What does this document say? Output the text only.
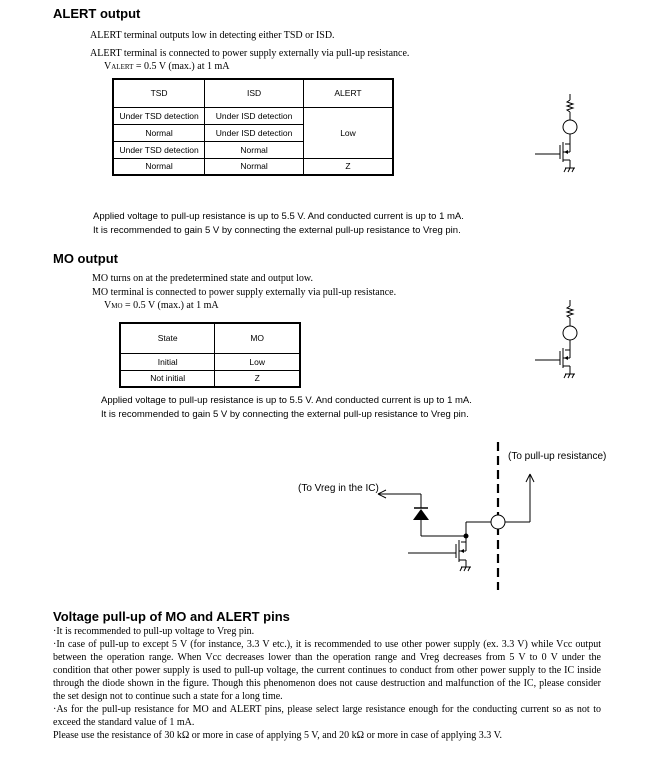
ALERT output
ALERT terminal outputs low in detecting either TSD or ISD.
ALERT terminal is connected to power supply externally via pull-up resistance.
VALERT = 0.5 V (max.) at 1 mA
TSD	ISD	ALERT
Under TSD detection	Under ISD detection	Low
Normal	Under ISD detection	
Under TSD detection	Normal	
Normal	Normal	Z
Applied voltage to pull-up resistance is up to 5.5 V. And conducted current is up to 1 mA.
It is recommended to gain 5 V by connecting the external pull-up resistance to Vreg pin.
MO output
MO turns on at the predetermined state and output low.
MO terminal is connected to power supply externally via pull-up resistance.
VMO = 0.5 V (max.) at 1 mA
State	MO
Initial	Low
Not initial	Z
Applied voltage to pull-up resistance is up to 5.5 V. And conducted current is up to 1 mA.
It is recommended to gain 5 V by connecting the external pull-up resistance to Vreg pin.
(To pull-up resistance)
(To Vreg in the IC)
Voltage pull-up of MO and ALERT pins

·It is recommended to pull-up voltage to Vreg pin.

·In case of pull-up to except 5 V (for instance, 3.3 V etc.), it is recommended to use other power supply (ex. 3.3 V) while Vcc output between the operation range. When Vcc decreases lower than the operation range and Vreg decreases from 5 V to 0 V under the condition that other power supply is used to pull-up voltage, the current continues to conduct from other power supply to the IC inside through the diode shown in the figure. Though this phenomenon does not cause destruction and malfunction of the IC, please consider the set design not to continue such a state for a long time.

·As for the pull-up resistance for MO and ALERT pins, please select large resistance enough for the conducting current so as not to exceed the standard value of 1 mA.

Please use the resistance of 30 kΩ or more in case of applying 5 V, and 20 kΩ or more in case of applying 3.3 V.
